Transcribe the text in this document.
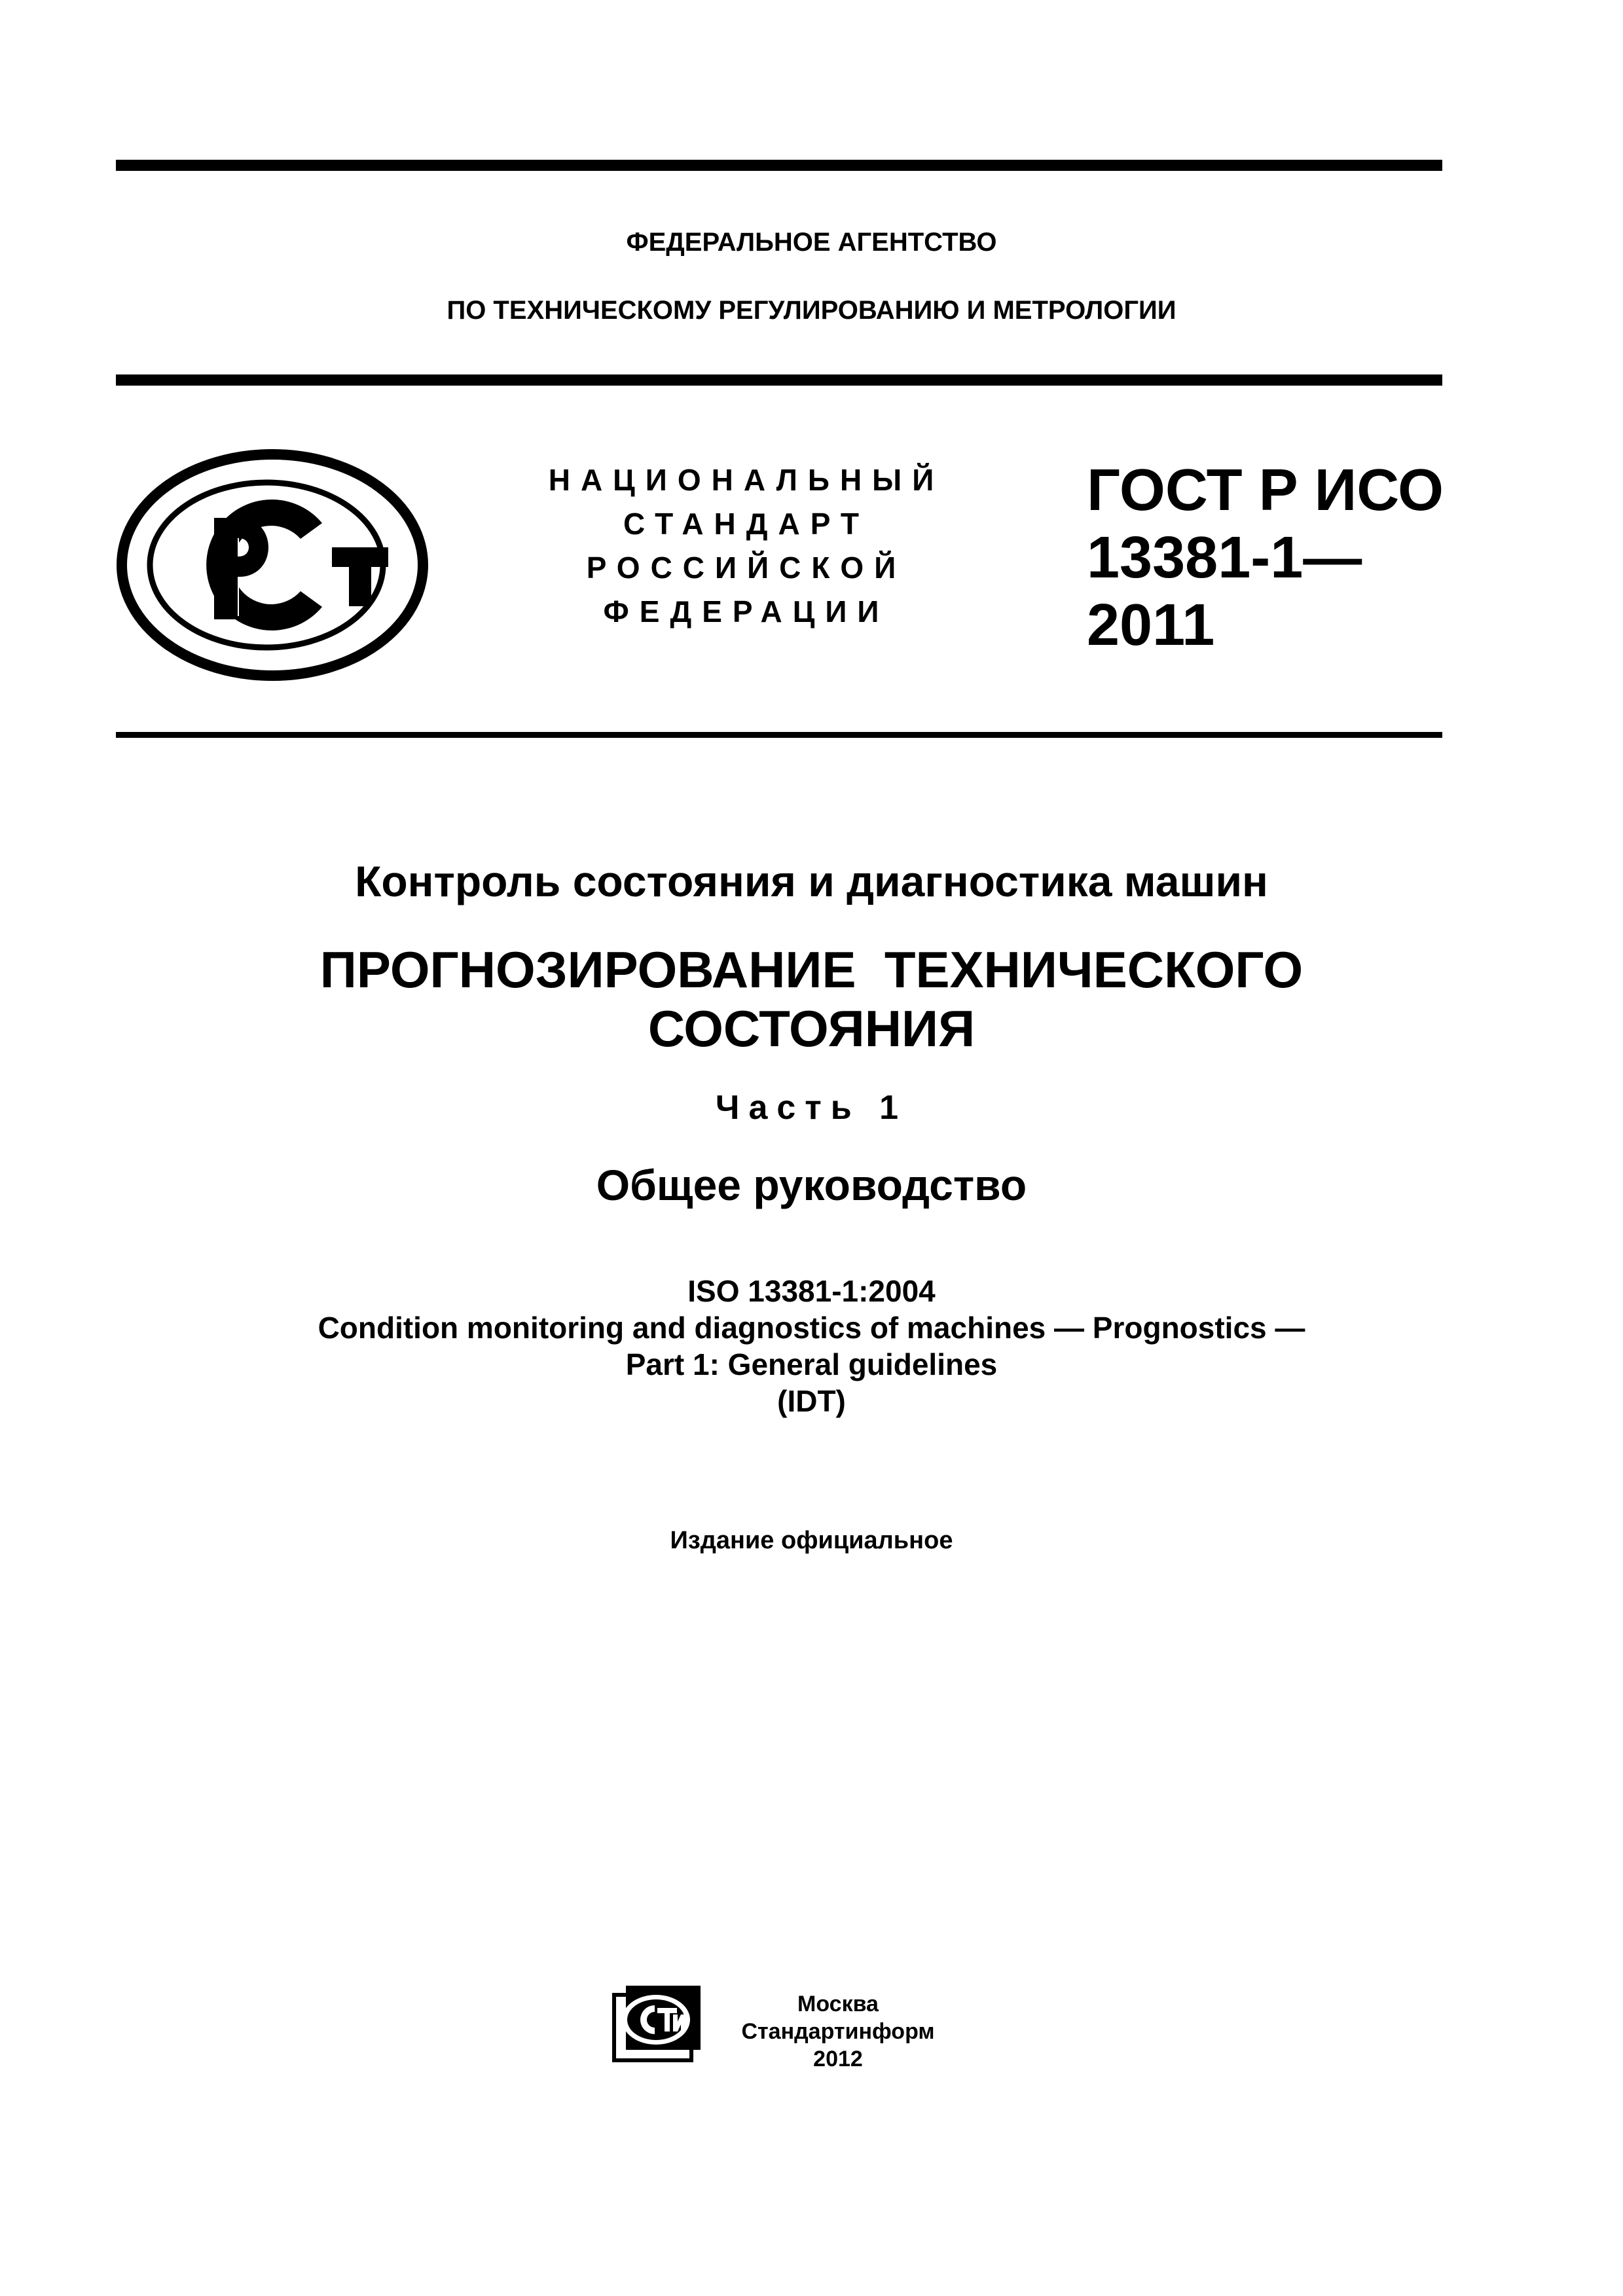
ФЕДЕРАЛЬНОЕ АГЕНТСТВО
ПО ТЕХНИЧЕСКОМУ РЕГУЛИРОВАНИЮ И МЕТРОЛОГИИ
НАЦИОНАЛЬНЫЙ
СТАНДАРТ
РОССИЙСКОЙ
ФЕДЕРАЦИИ
ГОСТ Р ИСО
13381-1—
2011
Контроль состояния и диагностика машин
ПРОГНОЗИРОВАНИЕ  ТЕХНИЧЕСКОГО
СОСТОЯНИЯ
Часть 1
Общее руководство
ISO 13381-1:2004
Condition monitoring and diagnostics of machines — Prognostics —
Part 1: General guidelines
(IDT)
Издание официальное
Москва
Стандартинформ
2012
